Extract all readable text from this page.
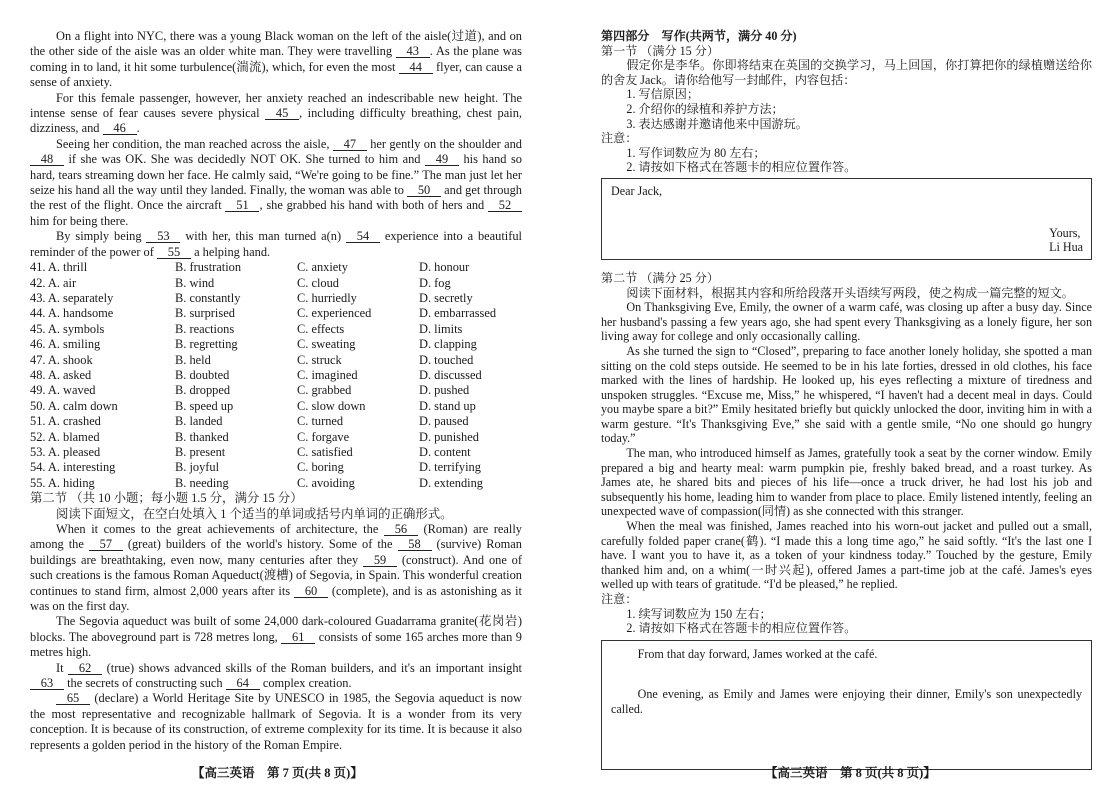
On a flight into NYC, there was a young Black woman on the left of the aisle(过道), and on the other side of the aisle was an older white man. They were travelling 43 . As the plane was coming in to land, it hit some turbulence(湍流), which, for even the most 44 flyer, can cause a sense of anxiety.

For this female passenger, however, her anxiety reached an indescribable new height. The intense sense of fear causes severe physical 45 , including difficulty breathing, chest pain, dizziness, and 46 .

Seeing her condition, the man reached across the aisle, 47 her gently on the shoulder and 48 if she was OK. She was decidedly NOT OK. She turned to him and 49 his hand so hard, tears streaming down her face. He calmly said, “We're going to be fine.” The man just let her seize his hand all the way until they landed. Finally, the woman was able to 50 and get through the rest of the flight. Once the aircraft 51 , she grabbed his hand with both of hers and 52 him for being there.

By simply being 53 with her, this man turned a(n) 54 experience into a beautiful reminder of the power of 55 a helping hand.

41. A. thrill	B. frustration	C. anxiety	D. honour
42. A. air	B. wind	C. cloud	D. fog
43. A. separately	B. constantly	C. hurriedly	D. secretly
44. A. handsome	B. surprised	C. experienced	D. embarrassed
45. A. symbols	B. reactions	C. effects	D. limits
46. A. smiling	B. regretting	C. sweating	D. clapping
47. A. shook	B. held	C. struck	D. touched
48. A. asked	B. doubted	C. imagined	D. discussed
49. A. waved	B. dropped	C. grabbed	D. pushed
50. A. calm down	B. speed up	C. slow down	D. stand up
51. A. crashed	B. landed	C. turned	D. paused
52. A. blamed	B. thanked	C. forgave	D. punished
53. A. pleased	B. present	C. satisfied	D. content
54. A. interesting	B. joyful	C. boring	D. terrifying
55. A. hiding	B. needing	C. avoiding	D. extending

第二节 （共 10 小题；每小题 1.5 分，满分 15 分）

阅读下面短文，在空白处填入 1 个适当的单词或括号内单词的正确形式。

When it comes to the great achievements of architecture, the 56 (Roman) are really among the 57 (great) builders of the world's history. Some of the 58 (survive) Roman buildings are breathtaking, even now, many centuries after they 59 (construct). And one of such creations is the famous Roman Aqueduct(渡槽) of Segovia, in Spain. This wonderful creation continues to stand firm, almost 2,000 years after its 60 (complete), and is as astonishing as it was on the first day.

The Segovia aqueduct was built of some 24,000 dark-coloured Guadarrama granite(花岗岩) blocks. The aboveground part is 728 metres long, 61 consists of some 165 arches more than 9 metres high.

It 62 (true) shows advanced skills of the Roman builders, and it's an important insight 63 the secrets of constructing such 64 complex creation.

65 (declare) a World Heritage Site by UNESCO in 1985, the Segovia aqueduct is now the most representative and recognizable hallmark of Segovia. It is a wonder from its very conception. It is because of its construction, of extreme complexity for its time. It is because it also represents a golden period in the history of the Roman Empire.

【高三英语　第 7 页(共 8 页)】

第四部分　写作(共两节，满分 40 分)

第一节 （满分 15 分）

假定你是李华。你即将结束在英国的交换学习，马上回国，你打算把你的绿植赠送给你的舍友 Jack。请你给他写一封邮件，内容包括：

1. 写信原因；

2. 介绍你的绿植和养护方法；

3. 表达感谢并邀请他来中国游玩。

注意：

1. 写作词数应为 80 左右；

2. 请按如下格式在答题卡的相应位置作答。

Dear Jack,

Yours,

Li Hua

第二节 （满分 25 分）

阅读下面材料，根据其内容和所给段落开头语续写两段，使之构成一篇完整的短文。

On Thanksgiving Eve, Emily, the owner of a warm café, was closing up after a busy day. Since her husband's passing a few years ago, she had spent every Thanksgiving as a lonely figure, her son living away for college and only occasionally calling.

As she turned the sign to “Closed”, preparing to face another lonely holiday, she spotted a man sitting on the cold steps outside. He seemed to be in his late forties, dressed in old clothes, his face marked with the lines of hardship. He looked up, his eyes reflecting a mixture of tiredness and unspoken struggles. “Excuse me, Miss,” he whispered, “I haven't had a decent meal in days. Could you maybe spare a bit?” Emily hesitated briefly but quickly unlocked the door, inviting him in with a warm gesture. “It's Thanksgiving Eve,” she said with a gentle smile, “No one should go hungry today.”

The man, who introduced himself as James, gratefully took a seat by the corner window. Emily prepared a big and hearty meal: warm pumpkin pie, freshly baked bread, and a roast turkey. As James ate, he shared bits and pieces of his life—once a truck driver, he had lost his job and subsequently his home, leading him to wander from place to place. Emily listened intently, feeling an unexpected wave of compassion(同情) as she connected with this stranger.

When the meal was finished, James reached into his worn-out jacket and pulled out a small, carefully folded paper crane(鹤). “I made this a long time ago,” he said softly. “It's the last one I have. I want you to have it, as a token of your kindness today.” Touched by the gesture, Emily thanked him and, on a whim(一时兴起), offered James a part-time job at the café. James's eyes welled up with tears of gratitude. “I'd be pleased,” he replied.

注意：

1. 续写词数应为 150 左右；

2. 请按如下格式在答题卡的相应位置作答。

From that day forward, James worked at the café.

One evening, as Emily and James were enjoying their dinner, Emily's son unexpectedly called.

【高三英语　第 8 页(共 8 页)】
